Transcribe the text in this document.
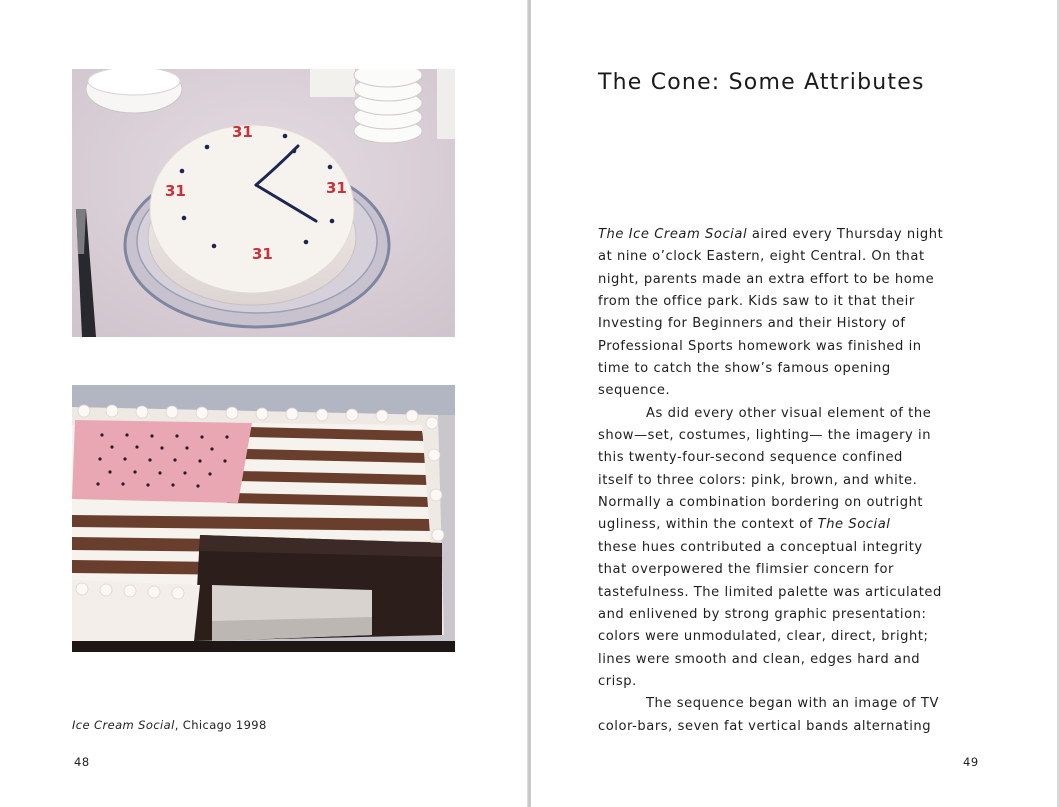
31
31
31
31
Ice Cream Social, Chicago 1998
48
The Cone: Some Attributes
The Ice Cream Social aired every Thursday night
at nine o’clock Eastern, eight Central. On that
night, parents made an extra effort to be home
from the office park. Kids saw to it that their
Investing for Beginners and their History of
Professional Sports homework was finished in
time to catch the show’s famous opening
sequence.
As did every other visual element of the
show—set, costumes, lighting— the imagery in
this twenty-four-second sequence confined
itself to three colors: pink, brown, and white.
Normally a combination bordering on outright
ugliness, within the context of The Social
these hues contributed a conceptual integrity
that overpowered the flimsier concern for
tastefulness. The limited palette was articulated
and enlivened by strong graphic presentation:
colors were unmodulated, clear, direct, bright;
lines were smooth and clean, edges hard and
crisp.
The sequence began with an image of TV
color-bars, seven fat vertical bands alternating
49
